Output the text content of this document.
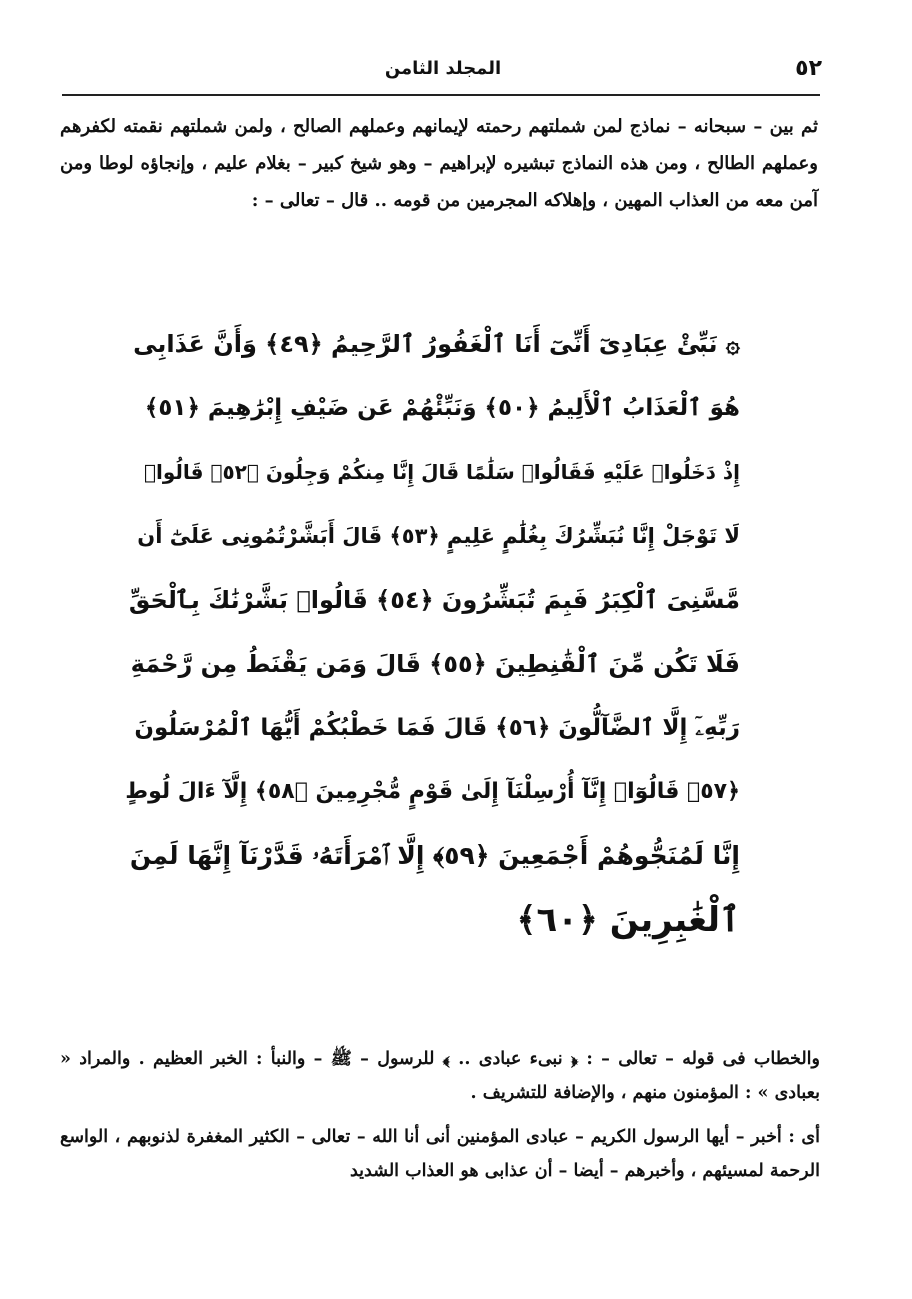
٥٢
المجلد الثامن
ثم بين – سبحانه – نماذج لمن شملتهم رحمته لإيمانهم وعملهم الصالح ، ولمن شملتهم نقمته لكفرهم وعملهم الطالح ، ومن هذه النماذج تبشيره لإبراهيم – وهو شيخ كبير – بغلام عليم ، وإنجاؤه لوطا ومن آمن معه من العذاب المهين ، وإهلاكه المجرمين من قومه .. قال – تعالى – :
۞ نَبِّئْ عِبَادِىٓ أَنِّىٓ أَنَا ٱلْغَفُورُ ٱلرَّحِيمُ ﴿٤٩﴾ وَأَنَّ عَذَابِى
هُوَ ٱلْعَذَابُ ٱلْأَلِيمُ ﴿٥٠﴾ وَنَبِّئْهُمْ عَن ضَيْفِ إِبْرَٰهِيمَ ﴿٥١﴾
إِذْ دَخَلُوا۟ عَلَيْهِ فَقَالُوا۟ سَلَٰمًا قَالَ إِنَّا مِنكُمْ وَجِلُونَ ﴿٥٢﴾ قَالُوا۟
لَا تَوْجَلْ إِنَّا نُبَشِّرُكَ بِغُلَٰمٍ عَلِيمٍ ﴿٥٣﴾ قَالَ أَبَشَّرْتُمُونِى عَلَىٰٓ أَن
مَّسَّنِىَ ٱلْكِبَرُ فَبِمَ تُبَشِّرُونَ ﴿٥٤﴾ قَالُوا۟ بَشَّرْنَٰكَ بِٱلْحَقِّ
فَلَا تَكُن مِّنَ ٱلْقَٰنِطِينَ ﴿٥٥﴾ قَالَ وَمَن يَقْنَطُ مِن رَّحْمَةِ
رَبِّهِۦٓ إِلَّا ٱلضَّآلُّونَ ﴿٥٦﴾ قَالَ فَمَا خَطْبُكُمْ أَيُّهَا ٱلْمُرْسَلُونَ
﴿٥٧﴾ قَالُوٓا۟ إِنَّآ أُرْسِلْنَآ إِلَىٰ قَوْمٍ مُّجْرِمِينَ ﴿٥٨﴾ إِلَّآ ءَالَ لُوطٍ
إِنَّا لَمُنَجُّوهُمْ أَجْمَعِينَ ﴿٥٩﴾ إِلَّا ٱمْرَأَتَهُۥ قَدَّرْنَآ إِنَّهَا لَمِنَ
ٱلْغَٰبِرِينَ ﴿٦٠﴾

والخطاب فى قوله – تعالى – : ﴿ نبىء عبادى .. ﴾ للرسول – ﷺ – والنبأ : الخبر العظيم . والمراد « بعبادى » : المؤمنون منهم ، والإضافة للتشريف .

أى : أخبر – أيها الرسول الكريم – عبادى المؤمنين أنى أنا الله – تعالى – الكثير المغفرة لذنوبهم ، الواسع الرحمة لمسيئهم ، وأخبرهم – أيضا – أن عذابى هو العذاب الشديد
